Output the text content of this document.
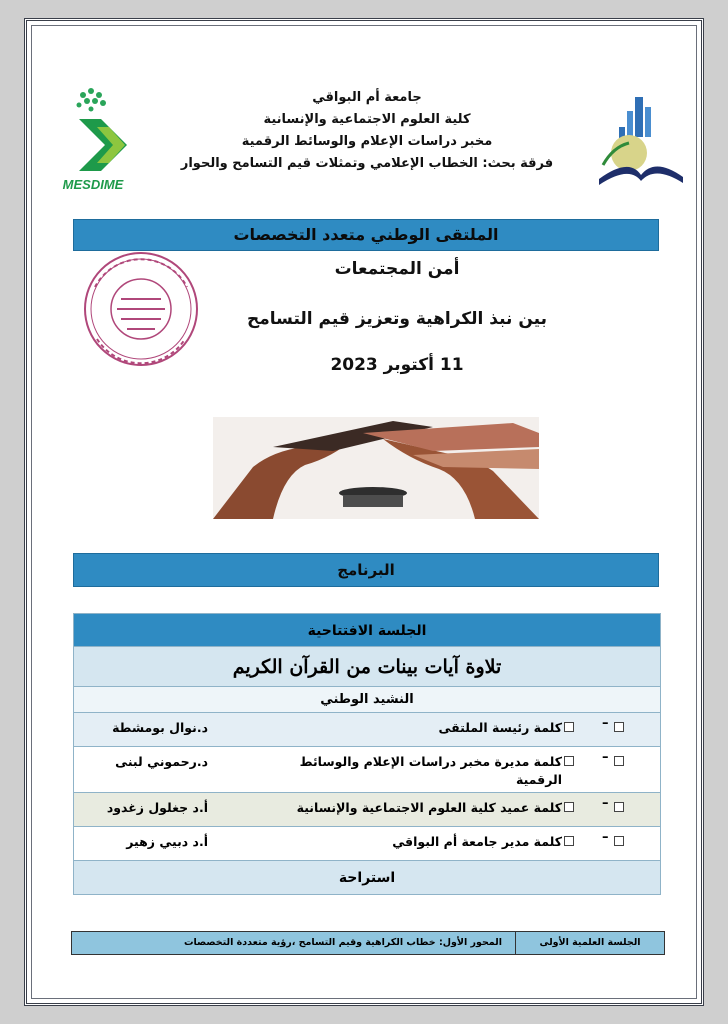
MESDIME
جامعة أم البواقي
كلية العلوم الاجتماعية والإنسانية
مخبر دراسات الإعلام والوسائط الرقمية
فرقة بحث: الخطاب الإعلامي وتمثلات قيم التسامح والحوار
الملتقى الوطني متعدد التخصصات
أمن المجتمعات
بين نبذ الكراهية وتعزيز قيم التسامح
11 أكتوبر 2023
البرنامج
الجلسة الافتتاحية
تلاوة آيات بينات من القرآن الكريم
النشيد الوطني
–
كلمة رئيسة الملتقى
د.نوال بومشطة
–
كلمة مديرة مخبر دراسات الإعلام والوسائط الرقمية
د.رحموني لبنى
–
كلمة عميد كلية العلوم الاجتماعية والإنسانية
أ.د جغلول زغدود
–
كلمة مدير جامعة أم البواقي
أ.د دبيي زهير
استراحة
الجلسة العلمية الأولى
المحور الأول: خطاب الكراهية وقيم التسامح ،رؤية متعددة التخصصات
